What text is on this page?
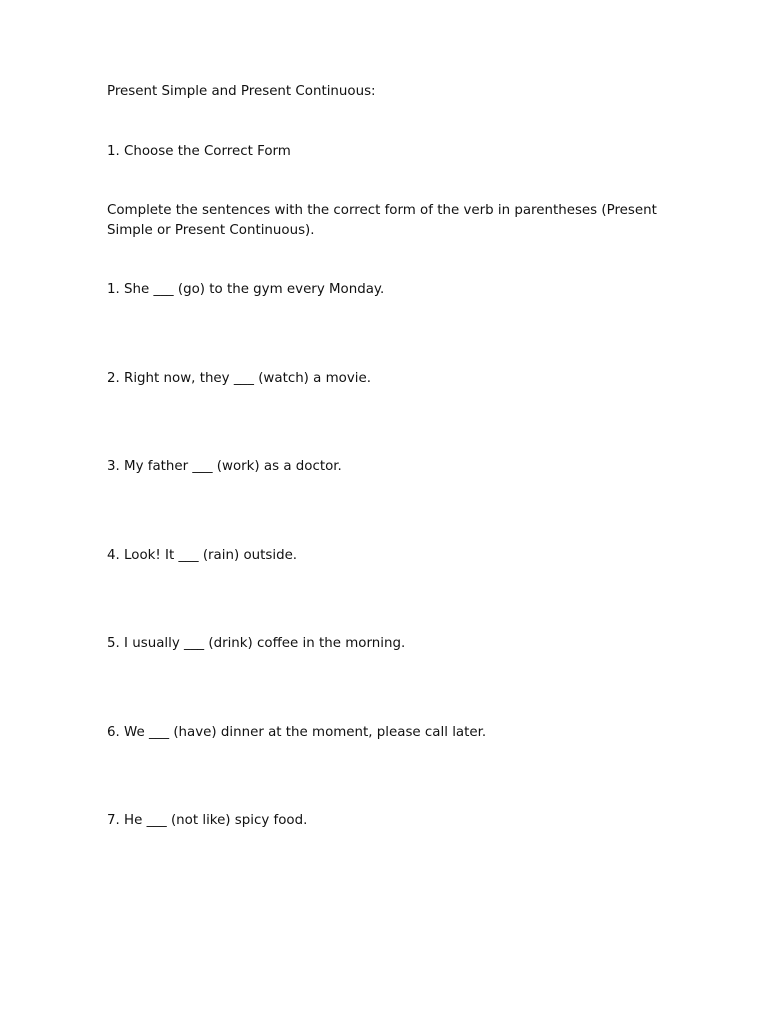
Present Simple and Present Continuous:

1. Choose the Correct Form

Complete the sentences with the correct form of the verb in parentheses (Present Simple or Present Continuous).

1. She ___ (go) to the gym every Monday.

2. Right now, they ___ (watch) a movie.

3. My father ___ (work) as a doctor.

4. Look! It ___ (rain) outside.

5. I usually ___ (drink) coffee in the morning.

6. We ___ (have) dinner at the moment, please call later.

7. He ___ (not like) spicy food.
